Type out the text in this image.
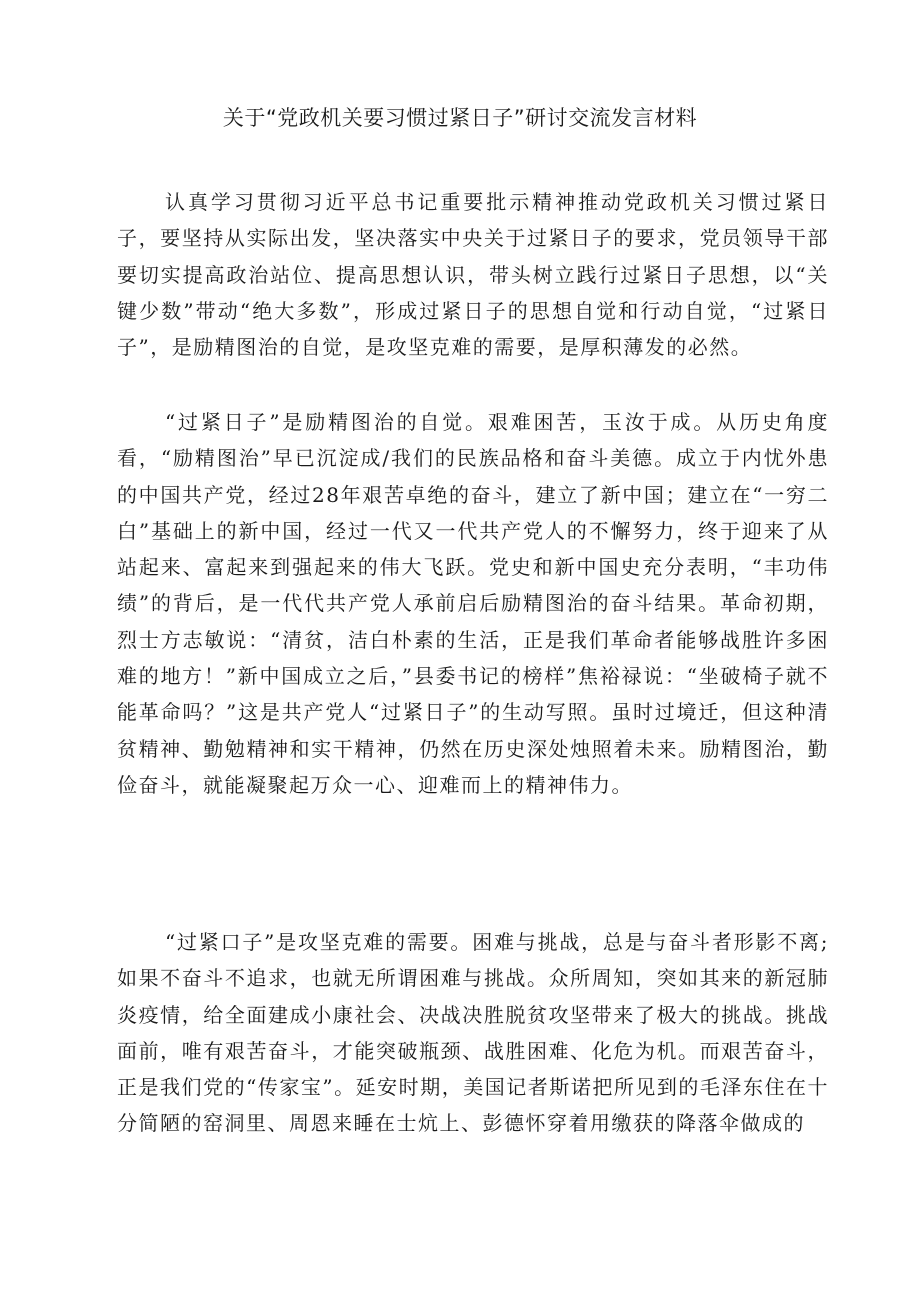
关于“党政机关要习惯过紧日子”研讨交流发言材料

认真学习贯彻习近平总书记重要批示精神推动党政机关习惯过紧日子，要坚持从实际出发，坚决落实中央关于过紧日子的要求，党员领导干部要切实提高政治站位、提高思想认识，带头树立践行过紧日子思想，以“关键少数”带动“绝大多数”，形成过紧日子的思想自觉和行动自觉，“过紧日子”，是励精图治的自觉，是攻坚克难的需要，是厚积薄发的必然。

“过紧日子”是励精图治的自觉。艰难困苦，玉汝于成。从历史角度看，“励精图治”早已沉淀成/我们的民族品格和奋斗美德。成立于内忧外患的中国共产党，经过28年艰苦卓绝的奋斗，建立了新中国；建立在“一穷二白”基础上的新中国，经过一代又一代共产党人的不懈努力，终于迎来了从站起来、富起来到强起来的伟大飞跃。党史和新中国史充分表明，“丰功伟绩”的背后，是一代代共产党人承前启后励精图治的奋斗结果。革命初期，烈士方志敏说：“清贫，洁白朴素的生活，正是我们革命者能够战胜许多困难的地方！”新中国成立之后，”县委书记的榜样”焦裕禄说：“坐破椅子就不能革命吗？”这是共产党人“过紧日子”的生动写照。虽时过境迁，但这种清贫精神、勤勉精神和实干精神，仍然在历史深处烛照着未来。励精图治，勤俭奋斗，就能凝聚起万众一心、迎难而上的精神伟力。

“过紧口子”是攻坚克难的需要。困难与挑战，总是与奋斗者形影不离;如果不奋斗不追求，也就无所谓困难与挑战。众所周知，突如其来的新冠肺炎疫情，给全面建成小康社会、决战决胜脱贫攻坚带来了极大的挑战。挑战面前，唯有艰苦奋斗，才能突破瓶颈、战胜困难、化危为机。而艰苦奋斗，正是我们党的“传家宝”。延安时期，美国记者斯诺把所见到的毛泽东住在十分简陋的窑洞里、周恩来睡在士炕上、彭德怀穿着用缴获的降落伞做成的
